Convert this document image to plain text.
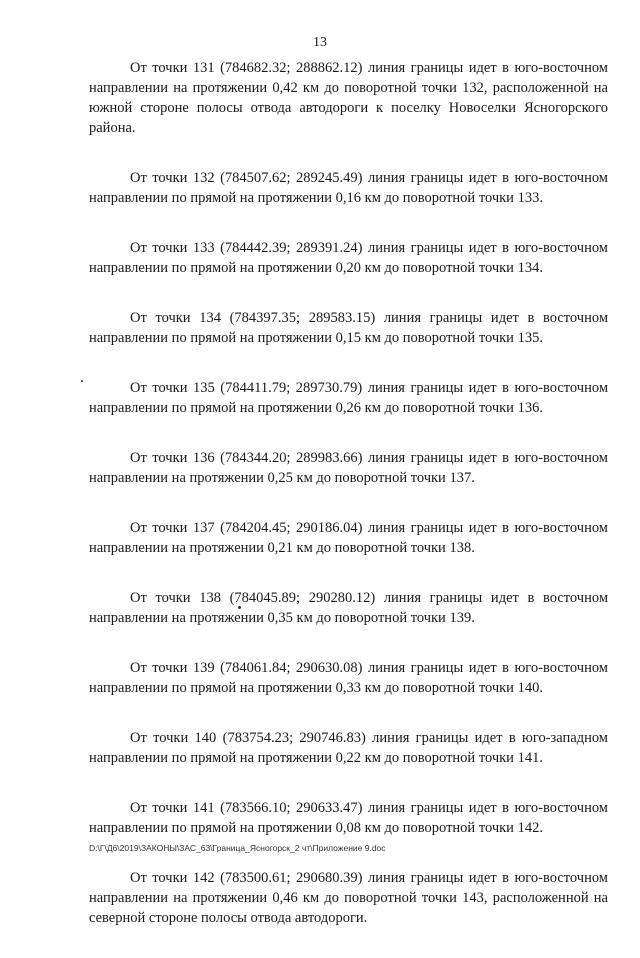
13

От точки 131 (784682.32; 288862.12) линия границы идет в юго-восточном направлении на протяжении 0,42 км до поворотной точки 132, расположенной на южной стороне полосы отвода автодороги к поселку Новоселки Ясногорского района.

От точки 132 (784507.62; 289245.49) линия границы идет в юго-восточном направлении по прямой на протяжении 0,16 км до поворотной точки 133.

От точки 133 (784442.39; 289391.24) линия границы идет в юго-восточном направлении по прямой на протяжении 0,20 км до поворотной точки 134.

От точки 134 (784397.35; 289583.15) линия границы идет в восточном направлении по прямой на протяжении 0,15 км до поворотной точки 135.

От точки 135 (784411.79; 289730.79) линия границы идет в юго-восточном направлении по прямой на протяжении 0,26 км до поворотной точки 136.

От точки 136 (784344.20; 289983.66) линия границы идет в юго-восточном направлении на протяжении 0,25 км до поворотной точки 137.

От точки 137 (784204.45; 290186.04) линия границы идет в юго-восточном направлении на протяжении 0,21 км до поворотной точки 138.

От точки 138 (784045.89; 290280.12) линия границы идет в восточном направлении на протяжении 0,35 км до поворотной точки 139.

От точки 139 (784061.84; 290630.08) линия границы идет в юго-восточном направлении по прямой на протяжении 0,33 км до поворотной точки 140.

От точки 140 (783754.23; 290746.83) линия границы идет в юго-западном направлении по прямой на протяжении 0,22 км до поворотной точки 141.

От точки 141 (783566.10; 290633.47) линия границы идет в юго-восточном направлении по прямой на протяжении 0,08 км до поворотной точки 142.

От точки 142 (783500.61; 290680.39) линия границы идет в юго-восточном направлении на протяжении 0,46 км до поворотной точки 143, расположенной на северной стороне полосы отвода автодороги.

D:\Г\Д6\2019\ЗАКОНЫ\ЗАС_63\Граница_Ясногорск_2 чт\Приложение 9.doc
